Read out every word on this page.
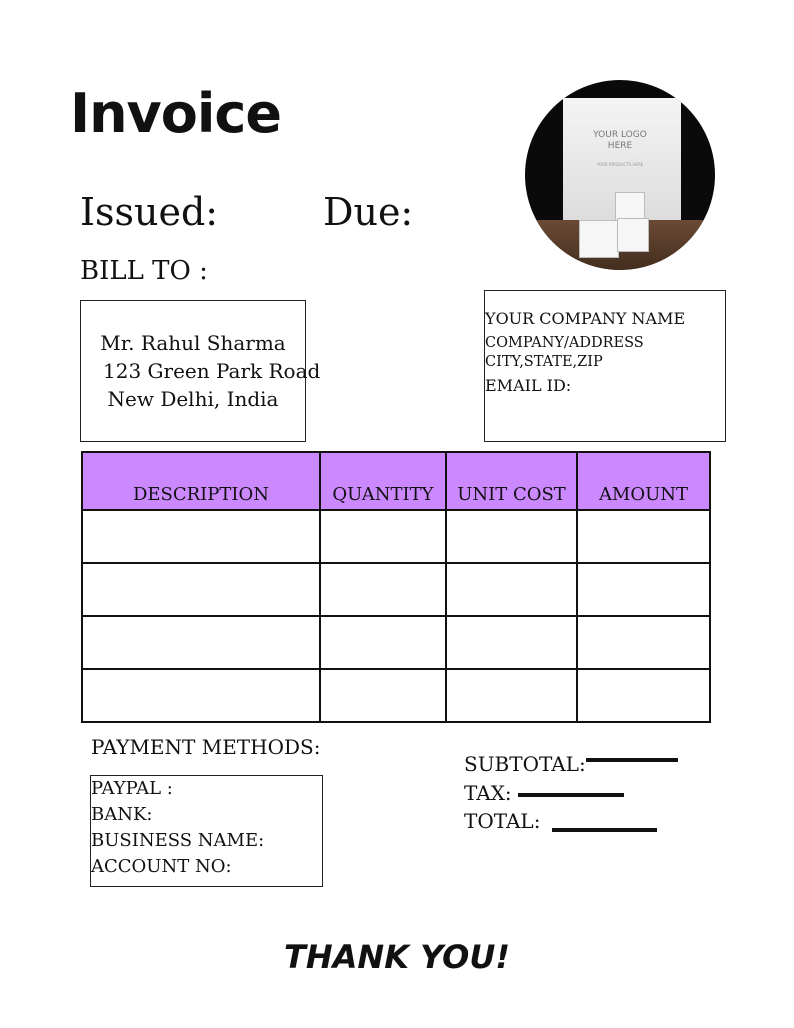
Invoice
Issued:	Due:
BILL TO :
YOUR LOGO HERE
YOUR PRODUCTS HERE
Mr. Rahul Sharma
123 Green Park Road
New Delhi, India
YOUR COMPANY NAME
COMPANY/ADDRESS
CITY,STATE,ZIP
EMAIL ID:
DESCRIPTION	QUANTITY	UNIT COST	AMOUNT

PAYMENT METHODS:
PAYPAL :
BANK:
BUSINESS NAME:
ACCOUNT NO:
SUBTOTAL:
TAX:
TOTAL:
THANK YOU!
